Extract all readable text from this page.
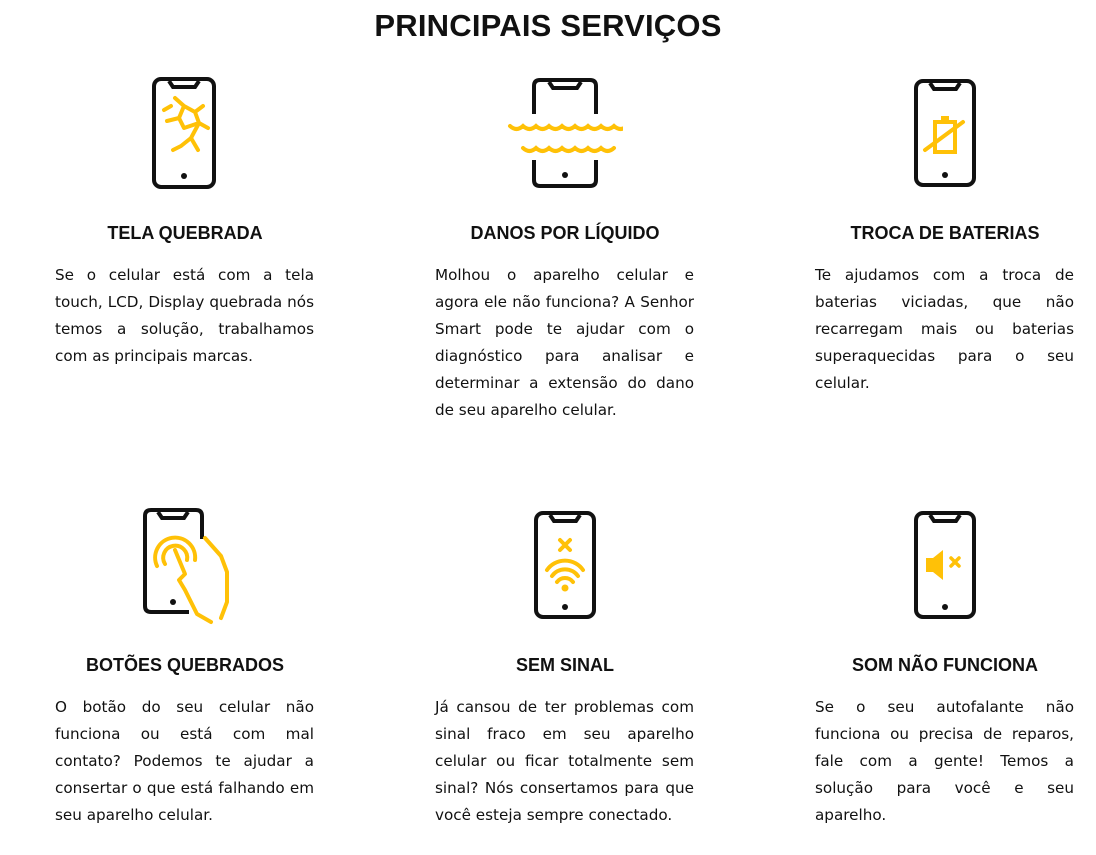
PRINCIPAIS SERVIÇOS
TELA QUEBRADA

Se o celular está com a tela touch, LCD, Display quebrada nós temos a solução, trabalhamos com as principais marcas.

DANOS POR LÍQUIDO

Molhou o aparelho celular e agora ele não funciona? A Senhor Smart pode te ajudar com o diagnóstico para analisar e determinar a extensão do dano de seu aparelho celular.

TROCA DE BATERIAS

Te ajudamos com a troca de baterias viciadas, que não recarregam mais ou baterias superaquecidas para o seu celular.

BOTÕES QUEBRADOS

O botão do seu celular não funciona ou está com mal contato? Podemos te ajudar a consertar o que está falhando em seu aparelho celular.

SEM SINAL

Já cansou de ter problemas com sinal fraco em seu aparelho celular ou ficar totalmente sem sinal? Nós consertamos para que você esteja sempre conectado.

SOM NÃO FUNCIONA

Se o seu autofalante não funciona ou precisa de reparos, fale com a gente! Temos a solução para você e seu aparelho.
